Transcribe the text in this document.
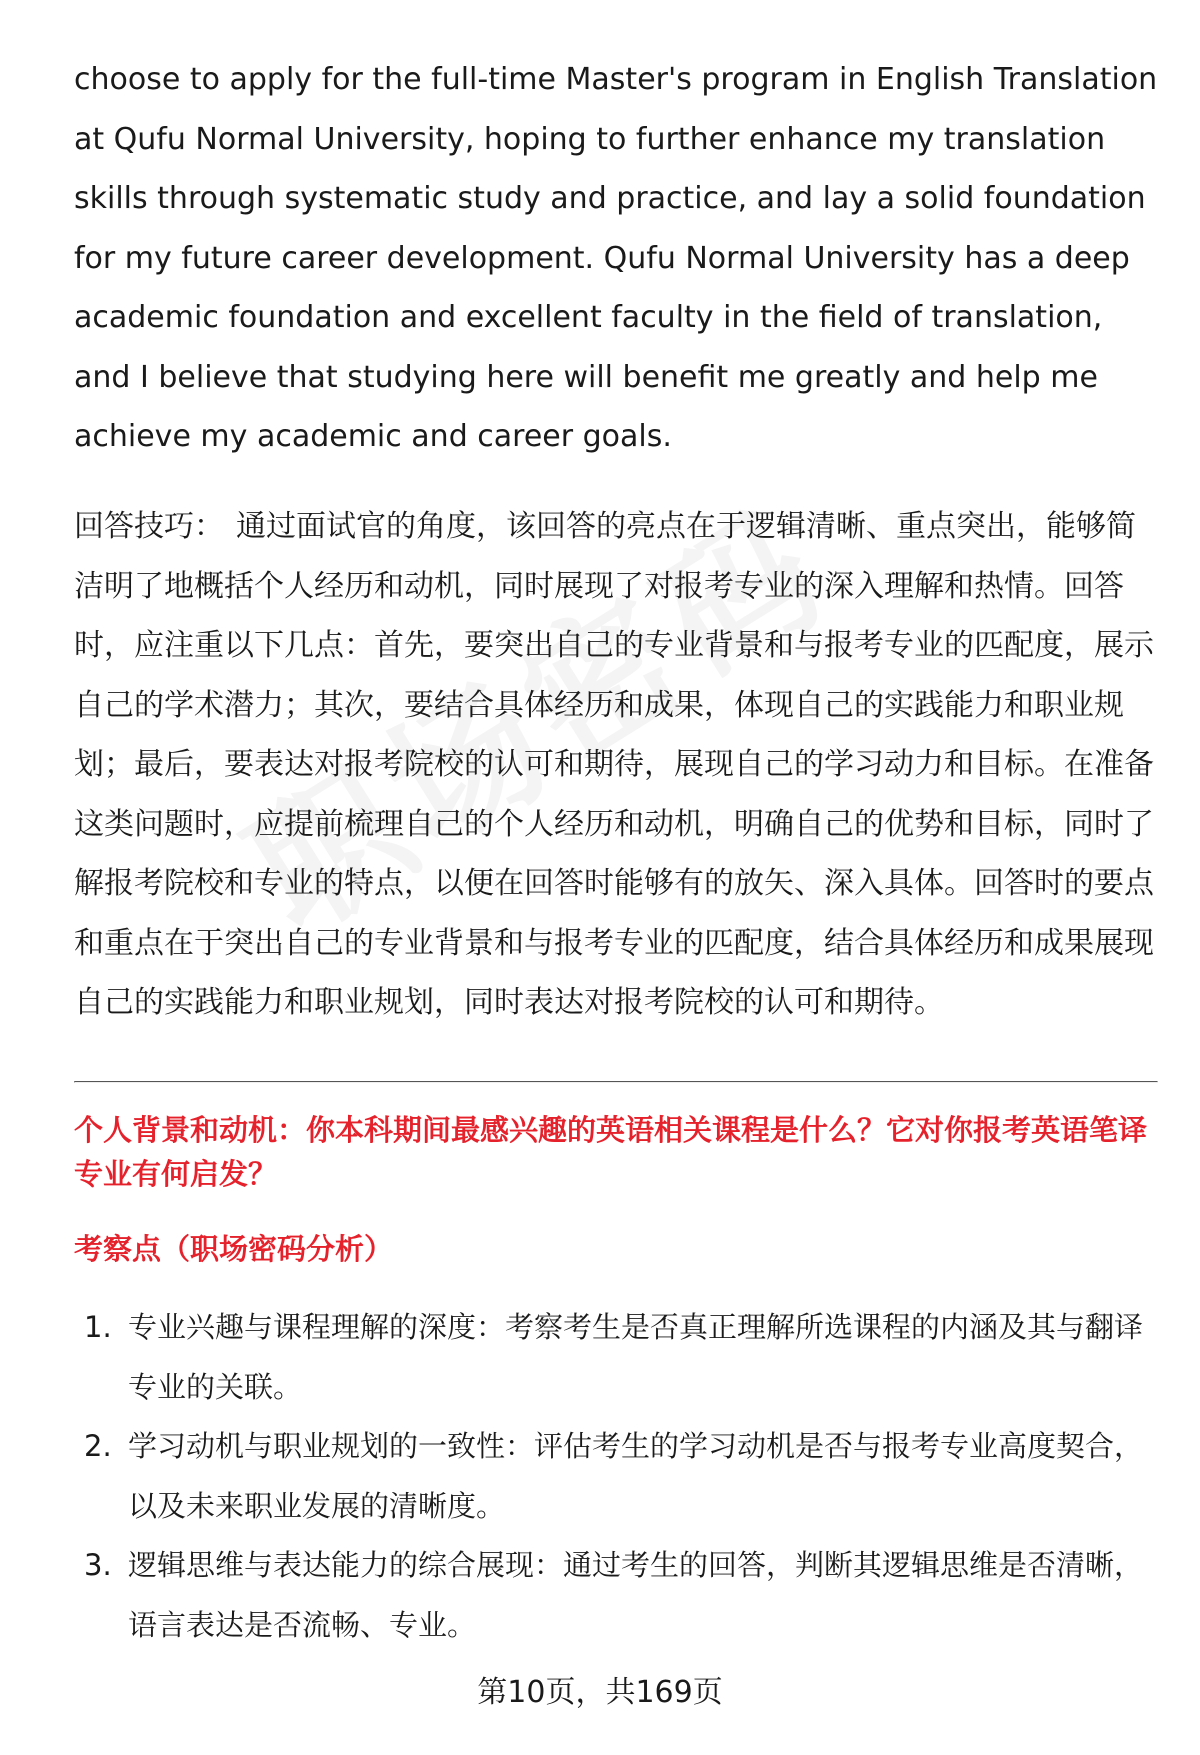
choose to apply for the full-time Master's program in English Translation at Qufu Normal University, hoping to further enhance my translation skills through systematic study and practice, and lay a solid foundation for my future career development. Qufu Normal University has a deep academic foundation and excellent faculty in the field of translation, and I believe that studying here will benefit me greatly and help me achieve my academic and career goals.

回答技巧： 通过面试官的角度，该回答的亮点在于逻辑清晰、重点突出，能够简洁明了地概括个人经历和动机，同时展现了对报考专业的深入理解和热情。回答时，应注重以下几点：首先，要突出自己的专业背景和与报考专业的匹配度，展示自己的学术潜力；其次，要结合具体经历和成果，体现自己的实践能力和职业规划；最后，要表达对报考院校的认可和期待，展现自己的学习动力和目标。在准备这类问题时，应提前梳理自己的个人经历和动机，明确自己的优势和目标，同时了解报考院校和专业的特点，以便在回答时能够有的放矢、深入具体。回答时的要点和重点在于突出自己的专业背景和与报考专业的匹配度，结合具体经历和成果展现自己的实践能力和职业规划，同时表达对报考院校的认可和期待。

个人背景和动机：你本科期间最感兴趣的英语相关课程是什么？它对你报考英语笔译专业有何启发？

考察点（职场密码分析）

1. 专业兴趣与课程理解的深度：考察考生是否真正理解所选课程的内涵及其与翻译专业的关联。
2. 学习动机与职业规划的一致性：评估考生的学习动机是否与报考专业高度契合，以及未来职业发展的清晰度。
3. 逻辑思维与表达能力的综合展现：通过考生的回答，判断其逻辑思维是否清晰，语言表达是否流畅、专业。
第10页，共169页
